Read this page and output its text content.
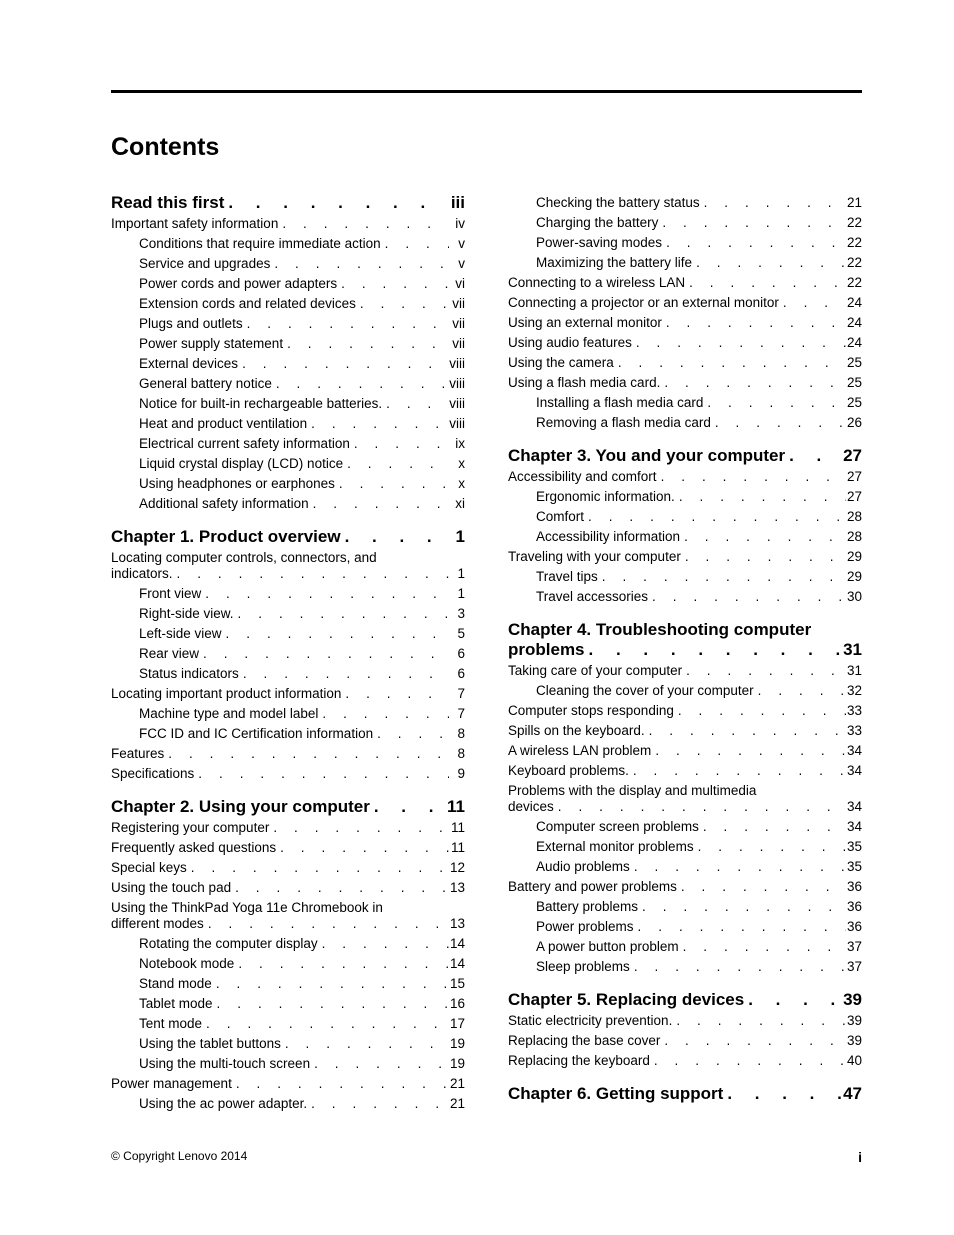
Contents
Read this first . . .	iii
Important safety information . . .	iv
Conditions that require immediate action . . .	v
Service and upgrades . . .	v
Power cords and power adapters . . .	vi
Extension cords and related devices . . .	vii
Plugs and outlets . . .	vii
Power supply statement . . .	vii
External devices . . .	viii
General battery notice . . .	viii
Notice for built-in rechargeable batteries. . . .	viii
Heat and product ventilation . . .	viii
Electrical current safety information . . .	ix
Liquid crystal display (LCD) notice . . .	x
Using headphones or earphones . . .	x
Additional safety information . . .	xi
Chapter 1. Product overview . . .	1
Locating computer controls, connectors, and
indicators. . . .	1
Front view . . .	1
Right-side view. . . .	3
Left-side view . . .	5
Rear view . . .	6
Status indicators . . .	6
Locating important product information . . .	7
Machine type and model label . . .	7
FCC ID and IC Certification information . . .	8
Features . . .	8
Specifications . . .	9
Chapter 2. Using your computer . . .	11
Registering your computer . . .	11
Frequently asked questions . . .	11
Special keys . . .	12
Using the touch pad . . .	13
Using the ThinkPad Yoga 11e Chromebook in
different modes . . .	13
Rotating the computer display . . .	14
Notebook mode . . .	14
Stand mode . . .	15
Tablet mode . . .	16
Tent mode . . .	17
Using the tablet buttons . . .	19
Using the multi-touch screen . . .	19
Power management . . .	21
Using the ac power adapter. . . .	21
Checking the battery status . . .	21
Charging the battery . . .	22
Power-saving modes . . .	22
Maximizing the battery life . . .	22
Connecting to a wireless LAN . . .	22
Connecting a projector or an external monitor . . .	24
Using an external monitor . . .	24
Using audio features . . .	24
Using the camera . . .	25
Using a flash media card. . . .	25
Installing a flash media card . . .	25
Removing a flash media card . . .	26
Chapter 3. You and your computer . . .	27
Accessibility and comfort . . .	27
Ergonomic information. . . .	27
Comfort . . .	28
Accessibility information . . .	28
Traveling with your computer . . .	29
Travel tips . . .	29
Travel accessories . . .	30
Chapter 4. Troubleshooting computer
problems . . .	31
Taking care of your computer . . .	31
Cleaning the cover of your computer . . .	32
Computer stops responding . . .	33
Spills on the keyboard. . . .	33
A wireless LAN problem . . .	34
Keyboard problems. . . .	34
Problems with the display and multimedia
devices . . .	34
Computer screen problems . . .	34
External monitor problems . . .	35
Audio problems . . .	35
Battery and power problems . . .	36
Battery problems . . .	36
Power problems . . .	36
A power button problem . . .	37
Sleep problems . . .	37
Chapter 5. Replacing devices . . .	39
Static electricity prevention. . . .	39
Replacing the base cover . . .	39
Replacing the keyboard . . .	40
Chapter 6. Getting support . . .	47
© Copyright Lenovo 2014	i
